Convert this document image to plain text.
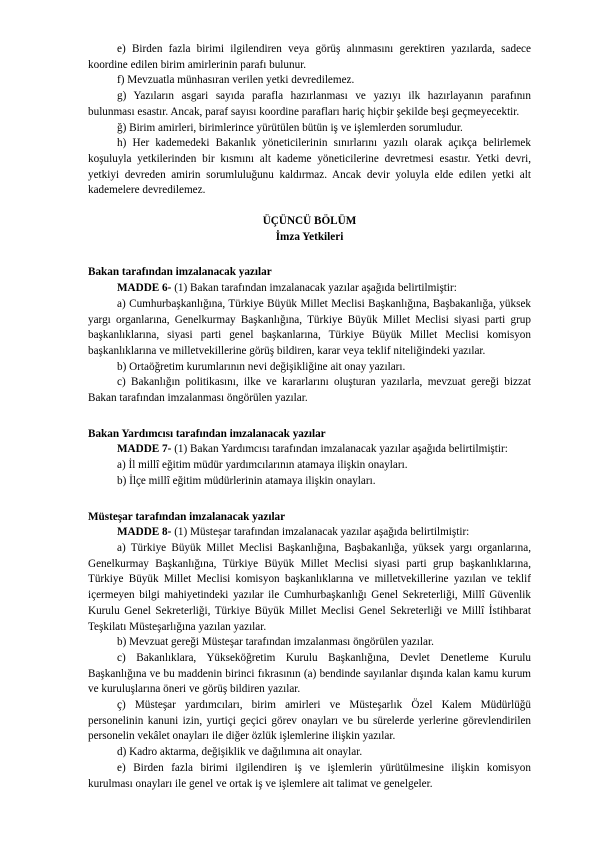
e) Birden fazla birimi ilgilendiren veya görüş alınmasını gerektiren yazılarda, sadece koordine edilen birim amirlerinin parafı bulunur.

f) Mevzuatla münhasıran verilen yetki devredilemez.

g) Yazıların asgari sayıda parafla hazırlanması ve yazıyı ilk hazırlayanın parafının bulunması esastır. Ancak, paraf sayısı koordine parafları hariç hiçbir şekilde beşi geçmeyecektir.

ğ) Birim amirleri, birimlerince yürütülen bütün iş ve işlemlerden sorumludur.

h) Her kademedeki Bakanlık yöneticilerinin sınırlarını yazılı olarak açıkça belirlemek koşuluyla yetkilerinden bir kısmını alt kademe yöneticilerine devretmesi esastır. Yetki devri, yetkiyi devreden amirin sorumluluğunu kaldırmaz. Ancak devir yoluyla elde edilen yetki alt kademelere devredilemez.

ÜÇÜNCÜ BÖLÜM

İmza Yetkileri

Bakan tarafından imzalanacak yazılar

MADDE 6- (1) Bakan tarafından imzalanacak yazılar aşağıda belirtilmiştir:

a) Cumhurbaşkanlığına, Türkiye Büyük Millet Meclisi Başkanlığına, Başbakanlığa, yüksek yargı organlarına, Genelkurmay Başkanlığına, Türkiye Büyük Millet Meclisi siyasi parti grup başkanlıklarına, siyasi parti genel başkanlarına, Türkiye Büyük Millet Meclisi komisyon başkanlıklarına ve milletvekillerine görüş bildiren, karar veya teklif niteliğindeki yazılar.

b) Ortaöğretim kurumlarının nevi değişikliğine ait onay yazıları.

c) Bakanlığın politikasını, ilke ve kararlarını oluşturan yazılarla, mevzuat gereği bizzat Bakan tarafından imzalanması öngörülen yazılar.

Bakan Yardımcısı tarafından imzalanacak yazılar

MADDE 7- (1) Bakan Yardımcısı tarafından imzalanacak yazılar aşağıda belirtilmiştir:

a) İl millî eğitim müdür yardımcılarının atamaya ilişkin onayları.

b) İlçe millî eğitim müdürlerinin atamaya ilişkin onayları.

Müsteşar tarafından imzalanacak yazılar

MADDE 8- (1) Müsteşar tarafından imzalanacak yazılar aşağıda belirtilmiştir:

a) Türkiye Büyük Millet Meclisi Başkanlığına, Başbakanlığa, yüksek yargı organlarına, Genelkurmay Başkanlığına, Türkiye Büyük Millet Meclisi siyasi parti grup başkanlıklarına, Türkiye Büyük Millet Meclisi komisyon başkanlıklarına ve milletvekillerine yazılan ve teklif içermeyen bilgi mahiyetindeki yazılar ile Cumhurbaşkanlığı Genel Sekreterliği, Millî Güvenlik Kurulu Genel Sekreterliği, Türkiye Büyük Millet Meclisi Genel Sekreterliği ve Millî İstihbarat Teşkilatı Müsteşarlığına yazılan yazılar.

b) Mevzuat gereği Müsteşar tarafından imzalanması öngörülen yazılar.

c) Bakanlıklara, Yükseköğretim Kurulu Başkanlığına, Devlet Denetleme Kurulu Başkanlığına ve bu maddenin birinci fıkrasının (a) bendinde sayılanlar dışında kalan kamu kurum ve kuruluşlarına öneri ve görüş bildiren yazılar.

ç) Müsteşar yardımcıları, birim amirleri ve Müsteşarlık Özel Kalem Müdürlüğü personelinin kanuni izin, yurtiçi geçici görev onayları ve bu sürelerde yerlerine görevlendirilen personelin vekâlet onayları ile diğer özlük işlemlerine ilişkin yazılar.

d) Kadro aktarma, değişiklik ve dağılımına ait onaylar.

e) Birden fazla birimi ilgilendiren iş ve işlemlerin yürütülmesine ilişkin komisyon kurulması onayları ile genel ve ortak iş ve işlemlere ait talimat ve genelgeler.
